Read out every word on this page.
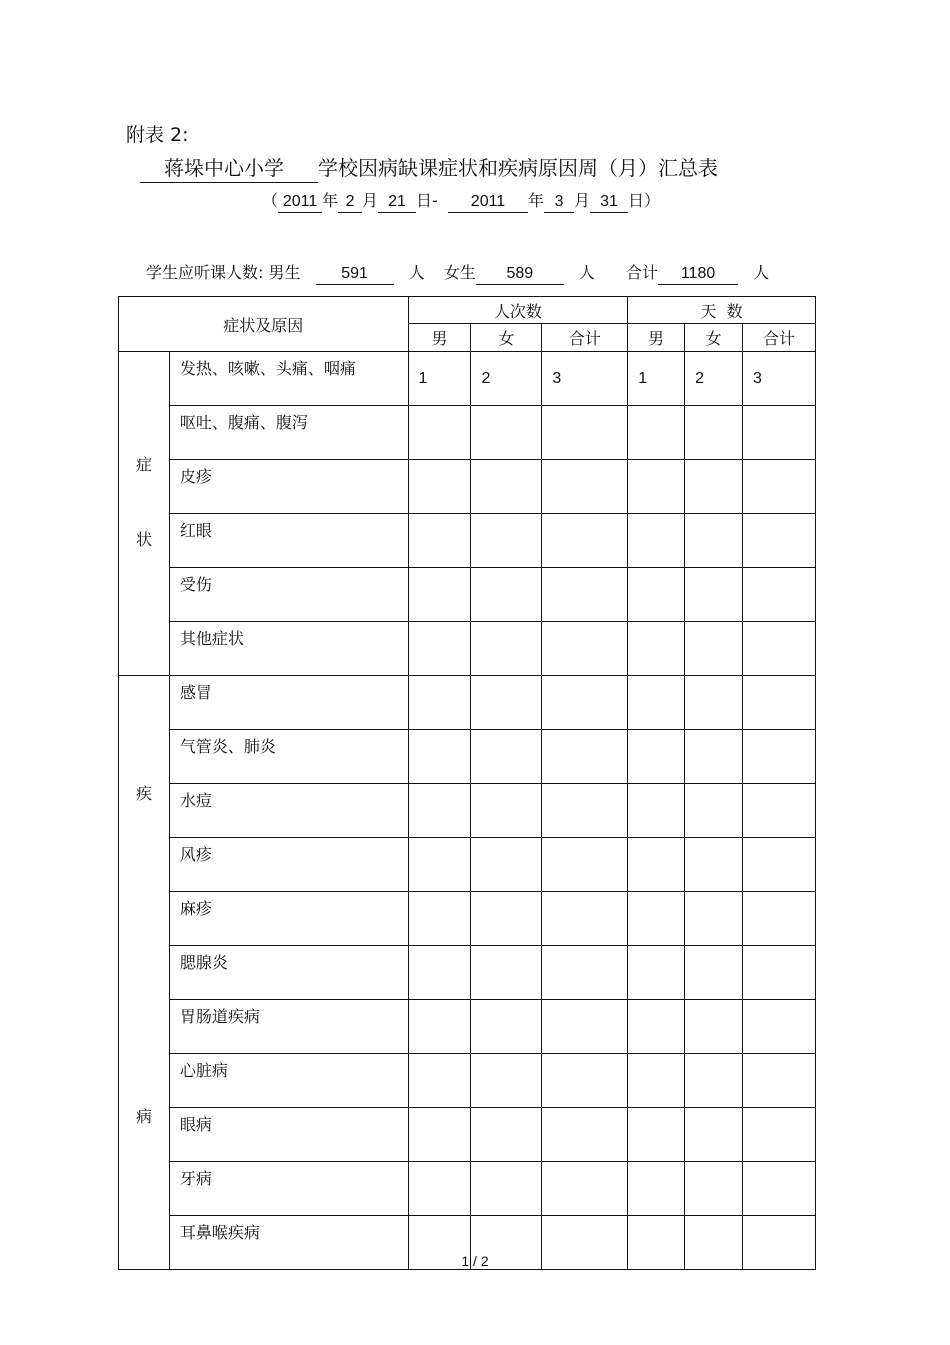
附表 2:
蒋垛中心小学 学校因病缺课症状和疾病原因周（月）汇总表
（ 2011 年 2 月 21 日- 2011 年 3 月 31 日）
学生应听课人数: 男生	591	人 女生 589	人 合计 1180 人
症状及原因		人次数			天  数		
		男	女	合计	男	女	合计

症
状	发热、咳嗽、头痛、咽痛	1	2	3	1	2	3
	呕吐、腹痛、腹泻						
	皮疹						
	红眼						
	受伤						
	其他症状						

疾
病	感冒						
	气管炎、肺炎						
	水痘						
	风疹						
	麻疹						
	腮腺炎						
	胃肠道疾病						
	心脏病						
	眼病						
	牙病						
	耳鼻喉疾病						
1 / 2
